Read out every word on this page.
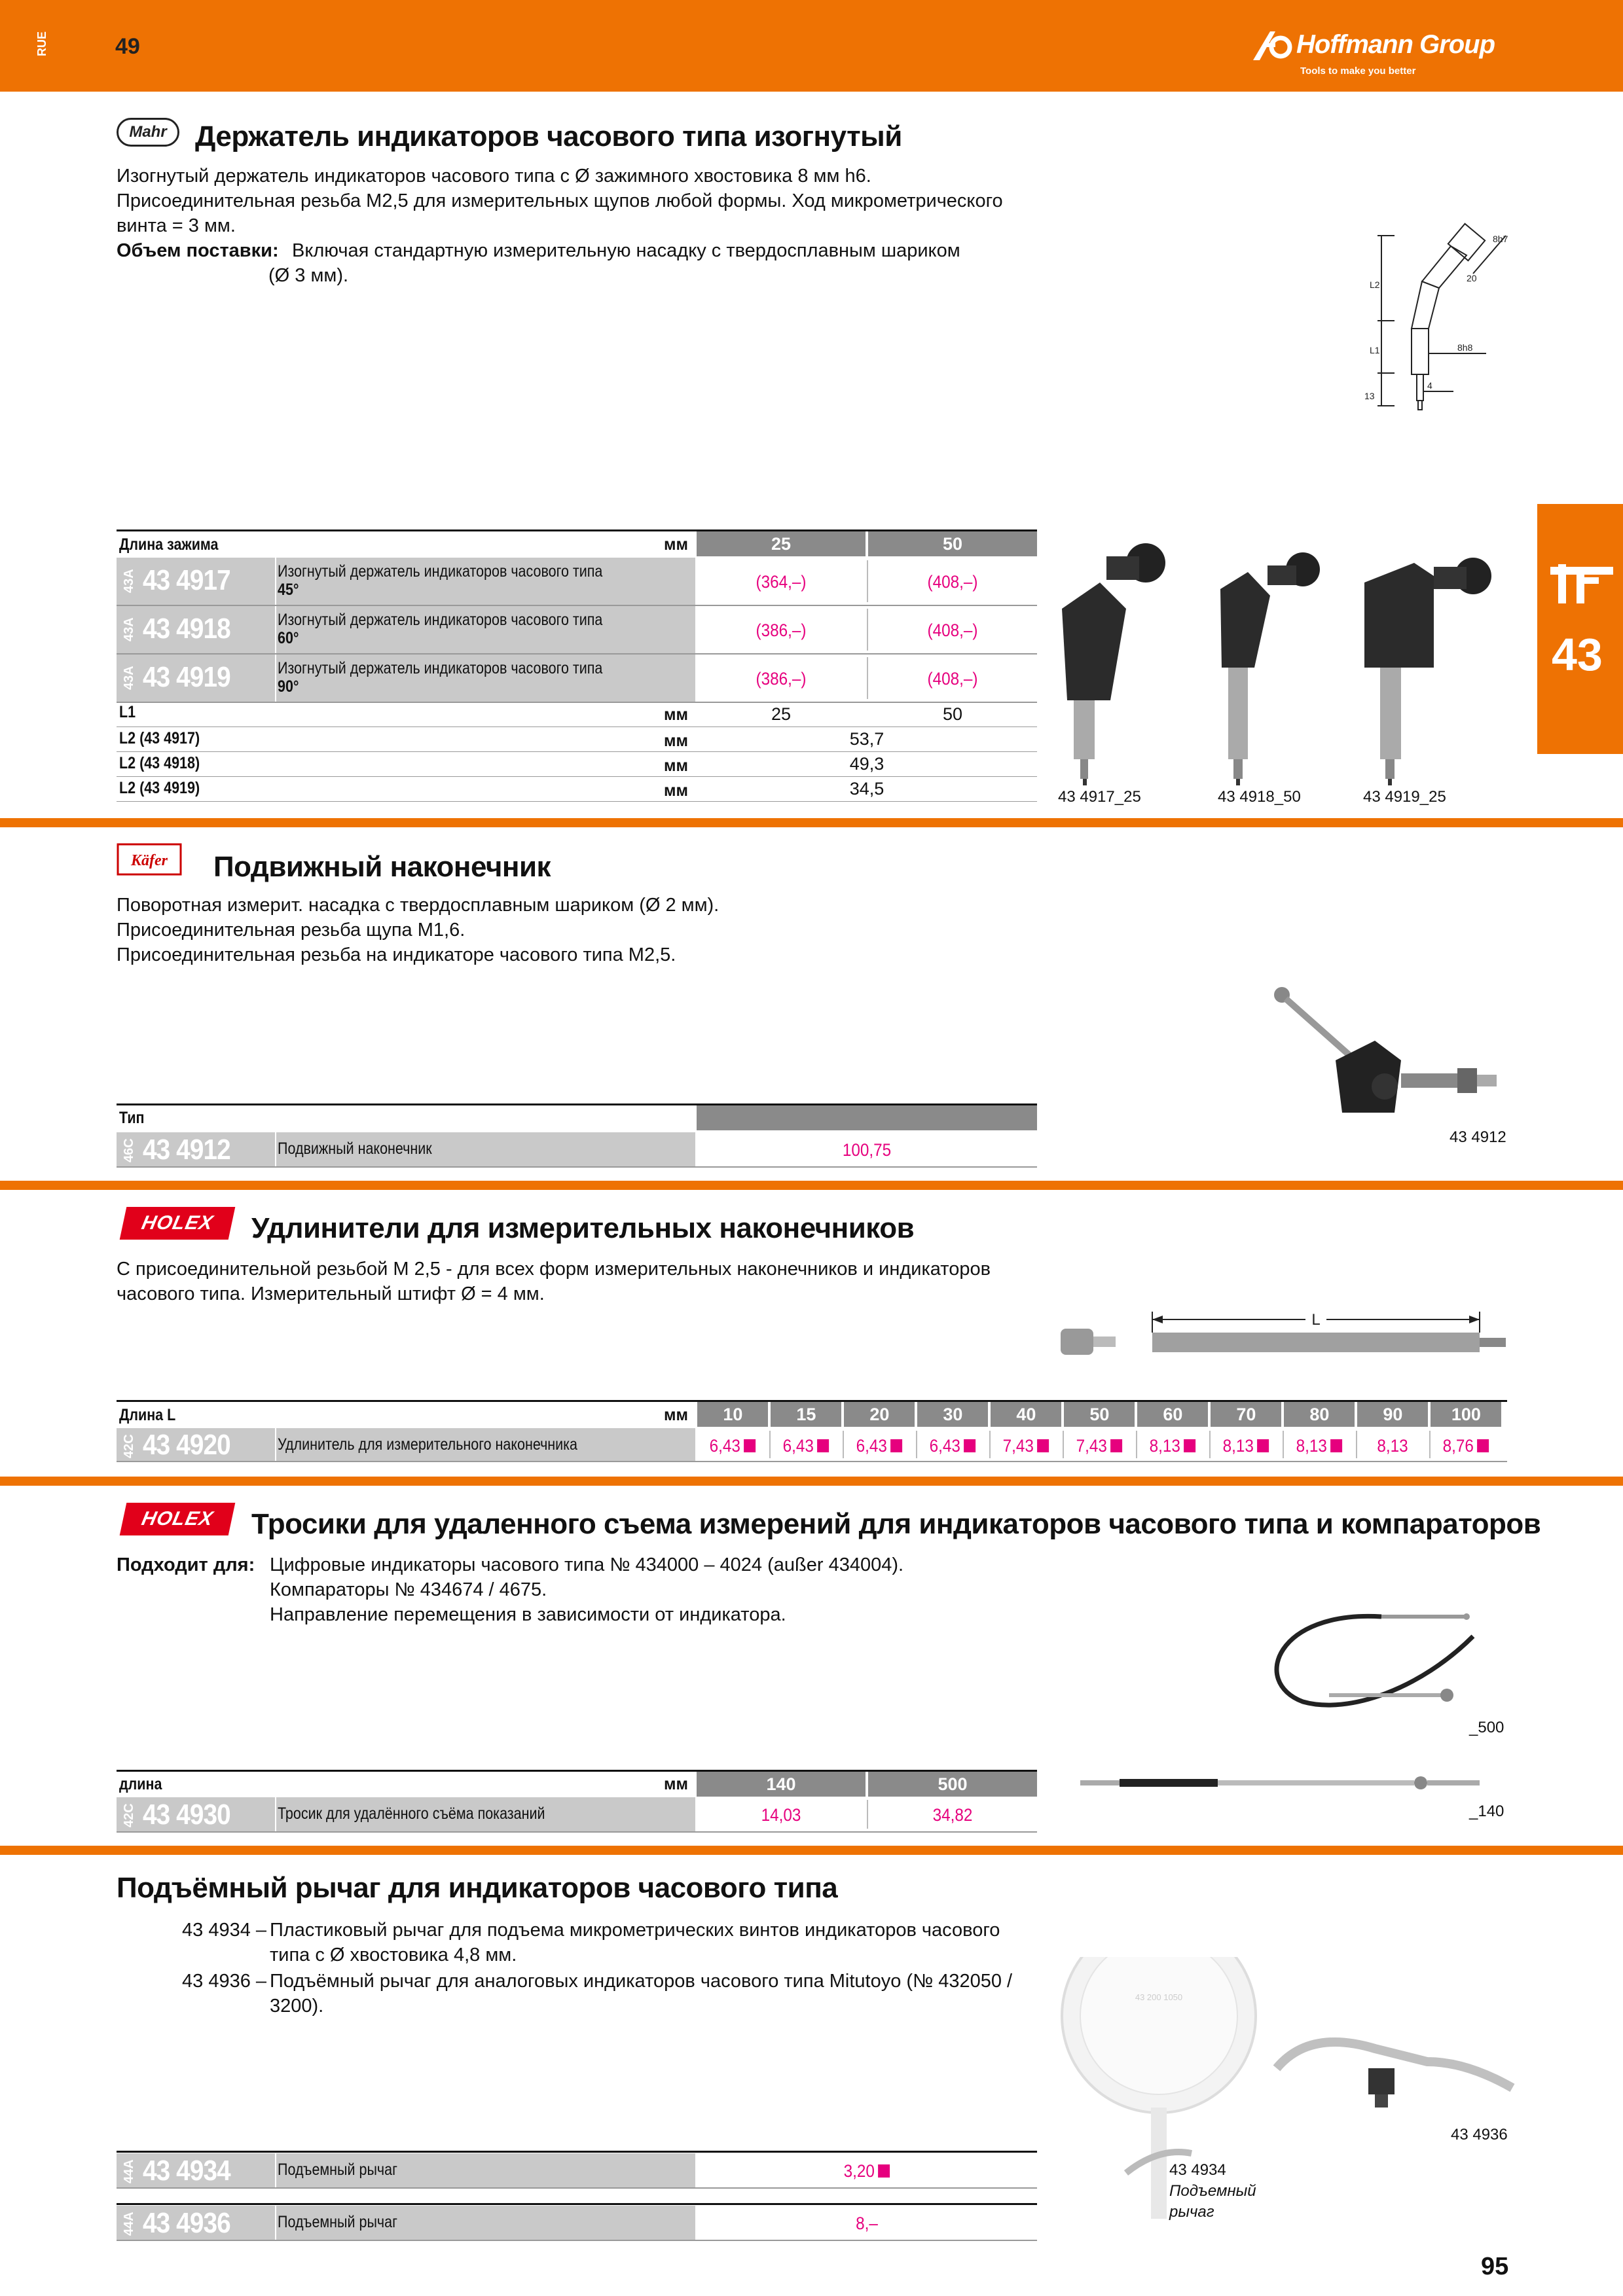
RUE	49	Hoffmann Group
Tools to make you better
43
Mahr Держатель индикаторов часового типа изогнутый
Изогнутый держатель индикаторов часового типа с Ø зажимного хвостовика 8 мм h6.
Присоединительная резьба M2,5 для измерительных щупов любой формы. Ход микрометрического
винта = 3 мм.
Объем поставки: Включая стандартную измерительную насадку с твердосплавным шариком
(Ø 3 мм).	L2
L1
13
8h7
20
8h8
4
Длина зажима	мм	25	50
43A 43 4917	Изогнутый держатель индикаторов часового типа
45°	(364,–)	(408,–)
43A 43 4918	Изогнутый держатель индикаторов часового типа
60°	(386,–)	(408,–)
43A 43 4919	Изогнутый держатель индикаторов часового типа
90°	(386,–)	(408,–)
L1	мм	25	50
L2 (43 4917)	мм	53,7
L2 (43 4918)	мм	49,3
L2 (43 4919)	мм	34,5	43 4917_25	43 4918_50	43 4919_25
Käfer Подвижный наконечник
Поворотная измерит. насадка с твердосплавным шариком (Ø 2 мм).
Присоединительная резьба щупа M1,6.
Присоединительная резьба на индикаторе часового типа M2,5.
43 4912
Тип
46C 43 4912	Подвижный наконечник	100,75
HOLEX	Удлинители для измерительных наконечников
С присоединительной резьбой M 2,5 - для всех форм измерительных наконечников и индикаторов
часового типа. Измерительный штифт Ø = 4 мм.
L
Длина L	мм	10	15	20	30	40	50	60	70	80	90	100
42C 43 4920	Удлинитель для измерительного наконечника	6,43	6,43	6,43	6,43	7,43	7,43	8,13	8,13	8,13	8,13	8,76
HOLEX	Тросики для удаленного съема измерений для индикаторов часового типа и компараторов
Подходит для: Цифровые индикаторы часового типа № 434000 – 4024 (außer 434004).
Компараторы № 434674 / 4675.
Направление перемещения в зависимости от индикатора.
_500
_140
длина	мм	140	500
42C 43 4930	Тросик для удалённого съёма показаний	14,03	34,82
Подъёмный рычаг для индикаторов часового типа
43 4934 – Пластиковый рычаг для подъема микрометрических винтов индикаторов часового
типа с Ø хвостовика 4,8 мм.
43 4936 – Подъёмный рычаг для аналоговых индикаторов часового типа Mitutoyo (№ 432050 /
3200).	43 200 1050
43 4936
43 4934
Подъемный
рычаг
44A 43 4934	Подъемный рычаг	3,20
44A 43 4936	Подъемный рычаг	8,–
95
